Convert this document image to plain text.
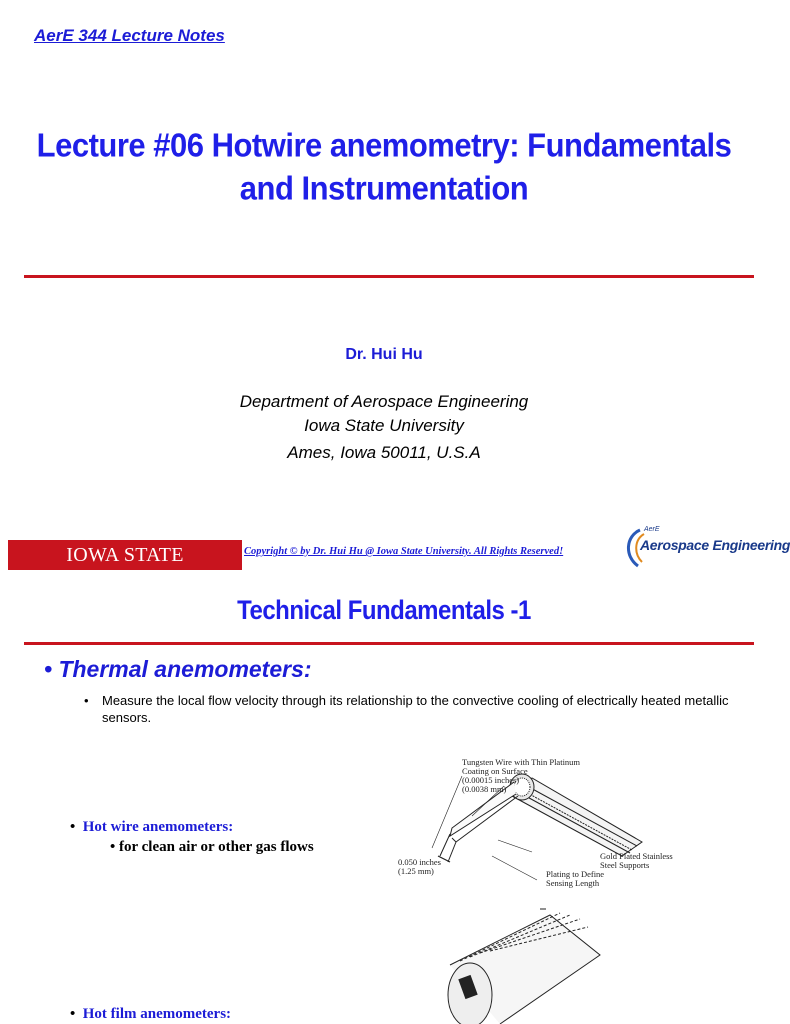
AerE 344 Lecture Notes
Lecture #06 Hotwire anemometry: Fundamentals
and Instrumentation
Dr. Hui Hu
Department of Aerospace Engineering
Iowa State University
Ames, Iowa 50011, U.S.A
IOWA STATE UNIVERSITY
Copyright © by Dr. Hui Hu @ Iowa State University. All Rights Reserved!
AerE
Aerospace Engineering
Technical Fundamentals -1
• Thermal anemometers:
• Measure the local flow velocity through its relationship to the convective cooling of electrically heated metallic sensors.
•  Hot wire anemometers:
• for clean air or other gas flows
•  Hot film anemometers:
Tungsten Wire with Thin Platinum
Coating on Surface
(0.00015 inches)
(0.0038 mm)
0.050 inches
(1.25 mm)
Gold Plated Stainless
Steel Supports
Plating to Define
Sensing Length
